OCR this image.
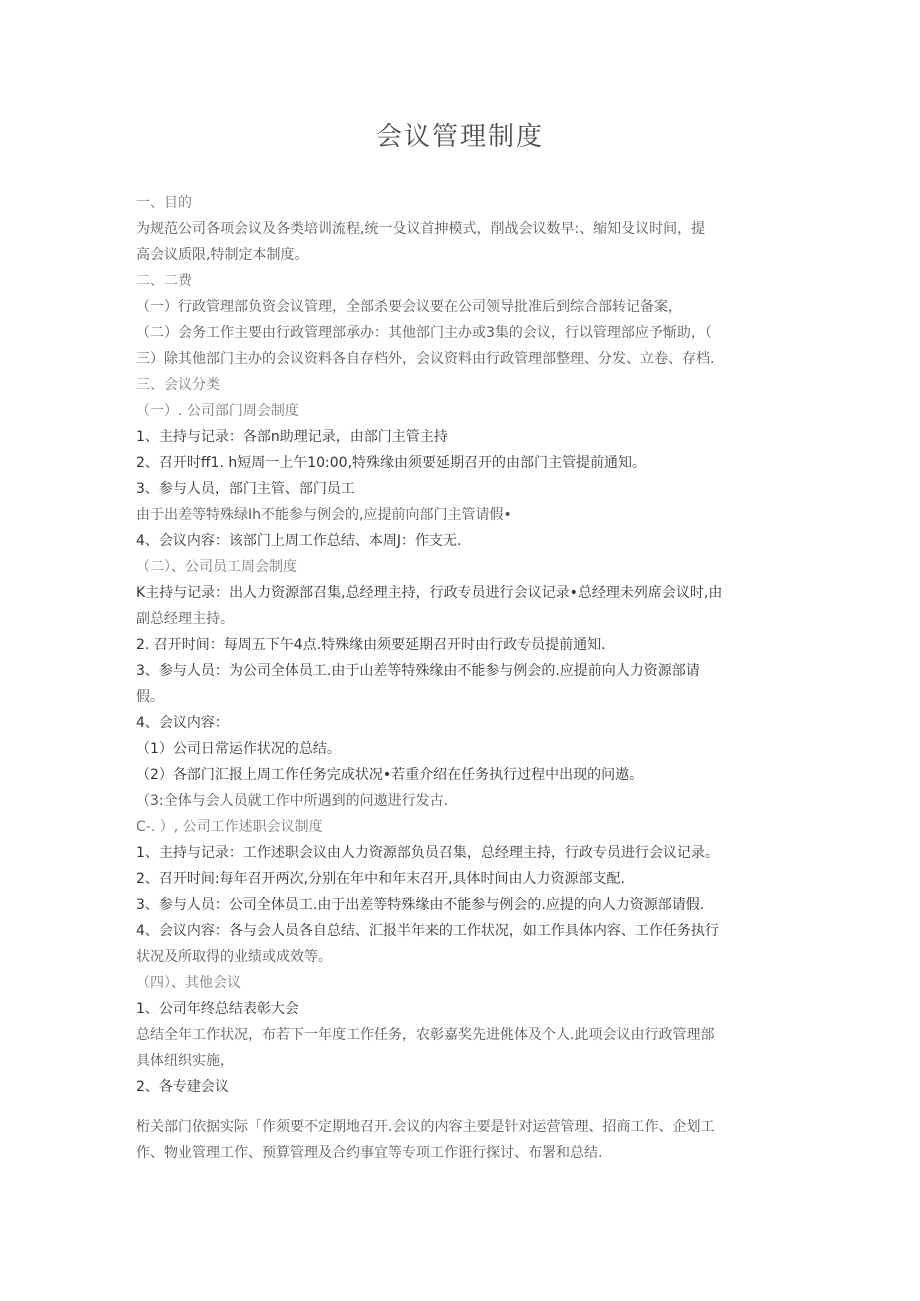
会议管理制度
一、目的
为规范公司各项会议及各类培训流程,统一殳议首抻模式，削战会议数早:、缩知殳议时间，提
高会议质限,特制定本制度。
二、二费
（一）行政管理部负资会议管理，全部杀要会议要在公司领导批准后到综合部转记备案，
（二）会务工作主要由行政管理部承办：其他部门主办或3集的会议，行以管理部应予惭助，（
三）除其他部门主办的会议资料各自存档外，会议资料由行政管理部整理、分发、立卷、存档.
三、会议分类
（一）. 公司部门周会制度
1、主持与记录：各部n助理记录，由部门主管主持
2、召开时ff1. h短周一上午10:00,特殊缘由须要延期召开的由部门主管提前通知。
3、参与人员，部门主管、部门员工
由于出差等特殊绿Ih不能参与例会的,应提前向部门主管请假•
4、会议内容：该部门上周工作总结、本周J：作支无.
（二）、公司员工周会制度
K主持与记录：出人力资源部召集,总经理主持，行政专员进行会议记录•总经理未列席会议时,由
副总经理主持。
2. 召开时间：每周五下午4点.特殊缘由须要延期召开时由行政专员提前通知.
3、参与人员：为公司全体员工.由于山差等特殊缘由不能参与例会的.应提前向人力资源部请
假。
4、会议内容：
（1）公司日常运作状况的总结。
（2）各部门汇报上周工作任务完成状况•若重介绍在任务执行过程中出现的问遨。
（3:全体与会人员就工作中所遇到的问遨进行发古.
C-. ）, 公司工作述职会议制度
1、主持与记录：工作述职会议由人力资源部负员召集，总经理主持，行政专员进行会议记录。
2、召开时间:每年召开两次,分别在年中和年末召开,具体时间由人力资源部支配.
3、参与人员：公司全体员工.由于出差等特殊缘由不能参与例会的.应提的向人力资源部请假.
4、会议内容：各与会人员各自总结、汇报半年来的工作状况，如工作具体内容、工作任务执行
状况及所取得的业绩或成效等。
（四）、其他会议
1、公司年终总结表彰大会
总结全年工作状况，布若下一年度工作任务，农彰嘉奖先进佻体及个人.此项会议由行政管理部
具体纽织实施，
2、各专建会议
桁关部门依据实际「作须要不定期地召开.会议的内容主要是针对运营管理、招商工作、企划工
作、物业管理工作、预算管理及合约事宜等专项工作诳行探讨、布署和总结.
